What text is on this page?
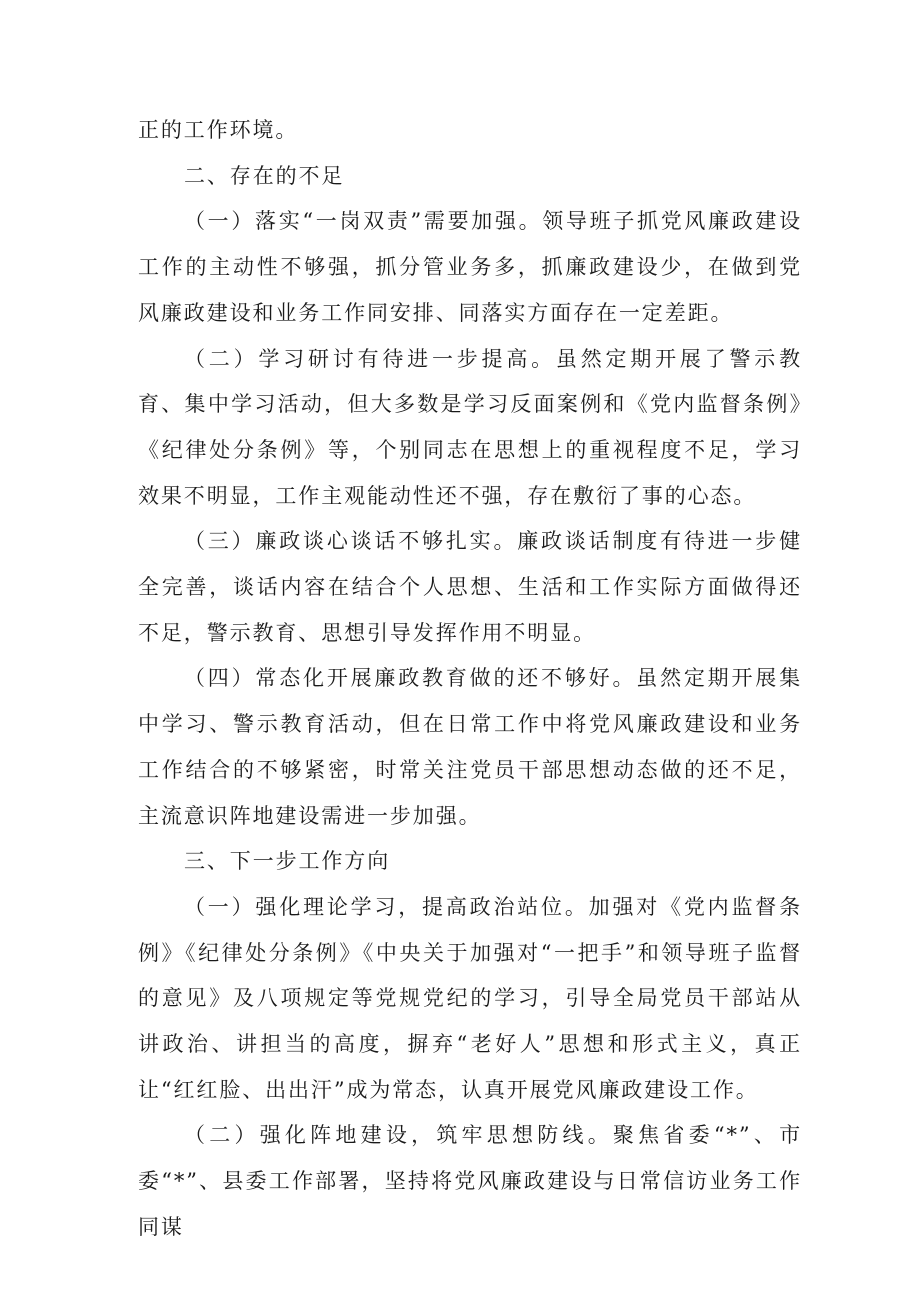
正的工作环境。

二、存在的不足

（一）落实“一岗双责”需要加强。领导班子抓党风廉政建设工作的主动性不够强，抓分管业务多，抓廉政建设少，在做到党风廉政建设和业务工作同安排、同落实方面存在一定差距。

（二）学习研讨有待进一步提高。虽然定期开展了警示教育、集中学习活动，但大多数是学习反面案例和《党内监督条例》《纪律处分条例》等，个别同志在思想上的重视程度不足，学习效果不明显，工作主观能动性还不强，存在敷衍了事的心态。

（三）廉政谈心谈话不够扎实。廉政谈话制度有待进一步健全完善，谈话内容在结合个人思想、生活和工作实际方面做得还不足，警示教育、思想引导发挥作用不明显。

（四）常态化开展廉政教育做的还不够好。虽然定期开展集中学习、警示教育活动，但在日常工作中将党风廉政建设和业务工作结合的不够紧密，时常关注党员干部思想动态做的还不足，主流意识阵地建设需进一步加强。

三、下一步工作方向

（一）强化理论学习，提高政治站位。加强对《党内监督条例》《纪律处分条例》《中央关于加强对“一把手”和领导班子监督的意见》及八项规定等党规党纪的学习，引导全局党员干部站从讲政治、讲担当的高度，摒弃“老好人”思想和形式主义，真正让“红红脸、出出汗”成为常态，认真开展党风廉政建设工作。

（二）强化阵地建设，筑牢思想防线。聚焦省委“*”、市委“*”、县委工作部署，坚持将党风廉政建设与日常信访业务工作同谋
